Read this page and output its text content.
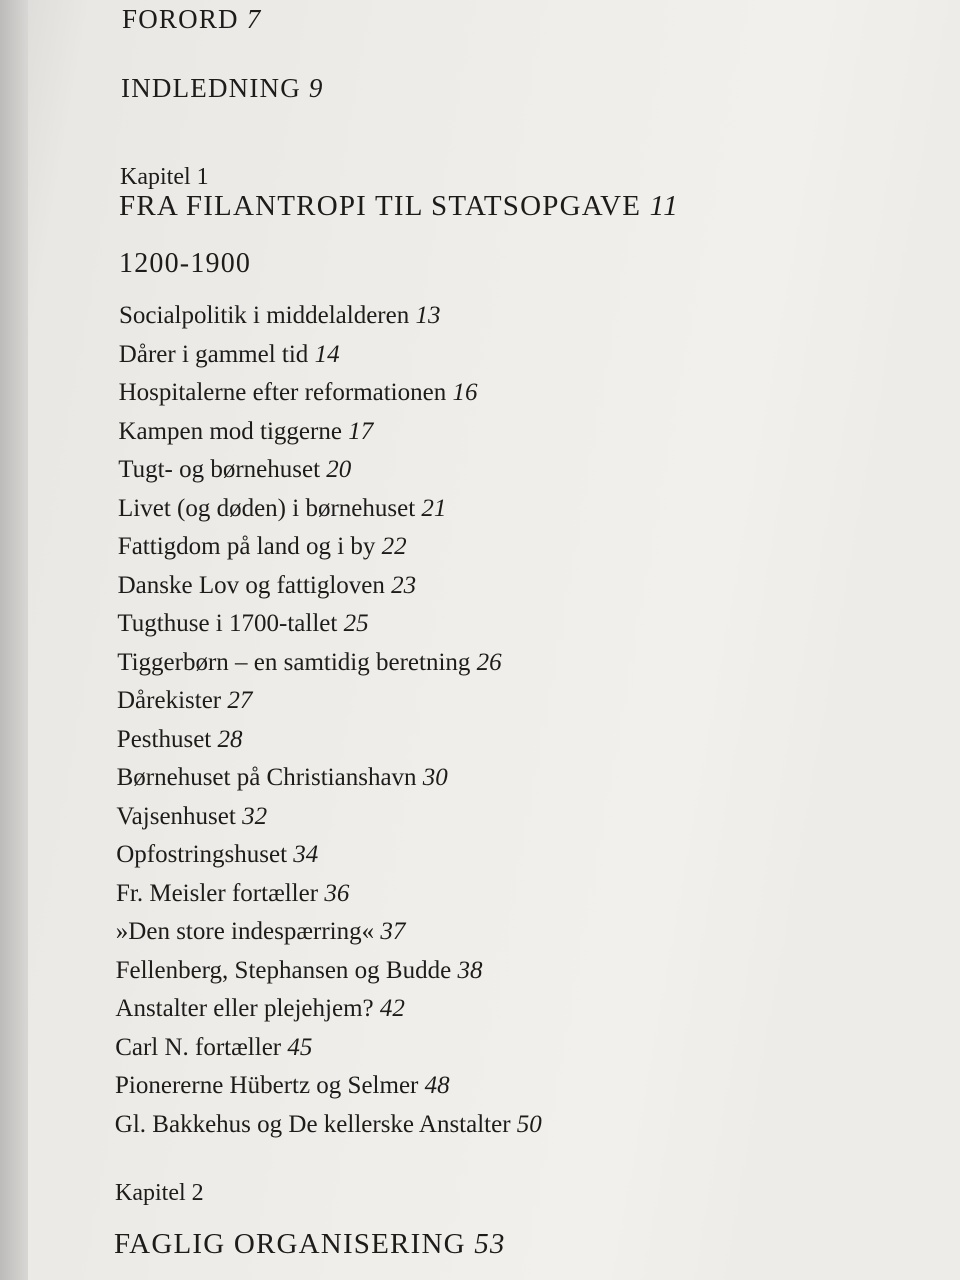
FORORD 7
INDLEDNING 9
Kapitel 1
FRA FILANTROPI TIL STATSOPGAVE 11
1200-1900
Socialpolitik i middelalderen 13
Dårer i gammel tid 14
Hospitalerne efter reformationen 16
Kampen mod tiggerne 17
Tugt- og børnehuset 20
Livet (og døden) i børnehuset 21
Fattigdom på land og i by 22
Danske Lov og fattigloven 23
Tugthuse i 1700-tallet 25
Tiggerbørn – en samtidig beretning 26
Dårekister 27
Pesthuset 28
Børnehuset på Christianshavn 30
Vajsenhuset 32
Opfostringshuset 34
Fr. Meisler fortæller 36
»Den store indespærring« 37
Fellenberg, Stephansen og Budde 38
Anstalter eller plejehjem? 42
Carl N. fortæller 45
Pionererne Hübertz og Selmer 48
Gl. Bakkehus og De kellerske Anstalter 50
Kapitel 2
FAGLIG ORGANISERING 53
